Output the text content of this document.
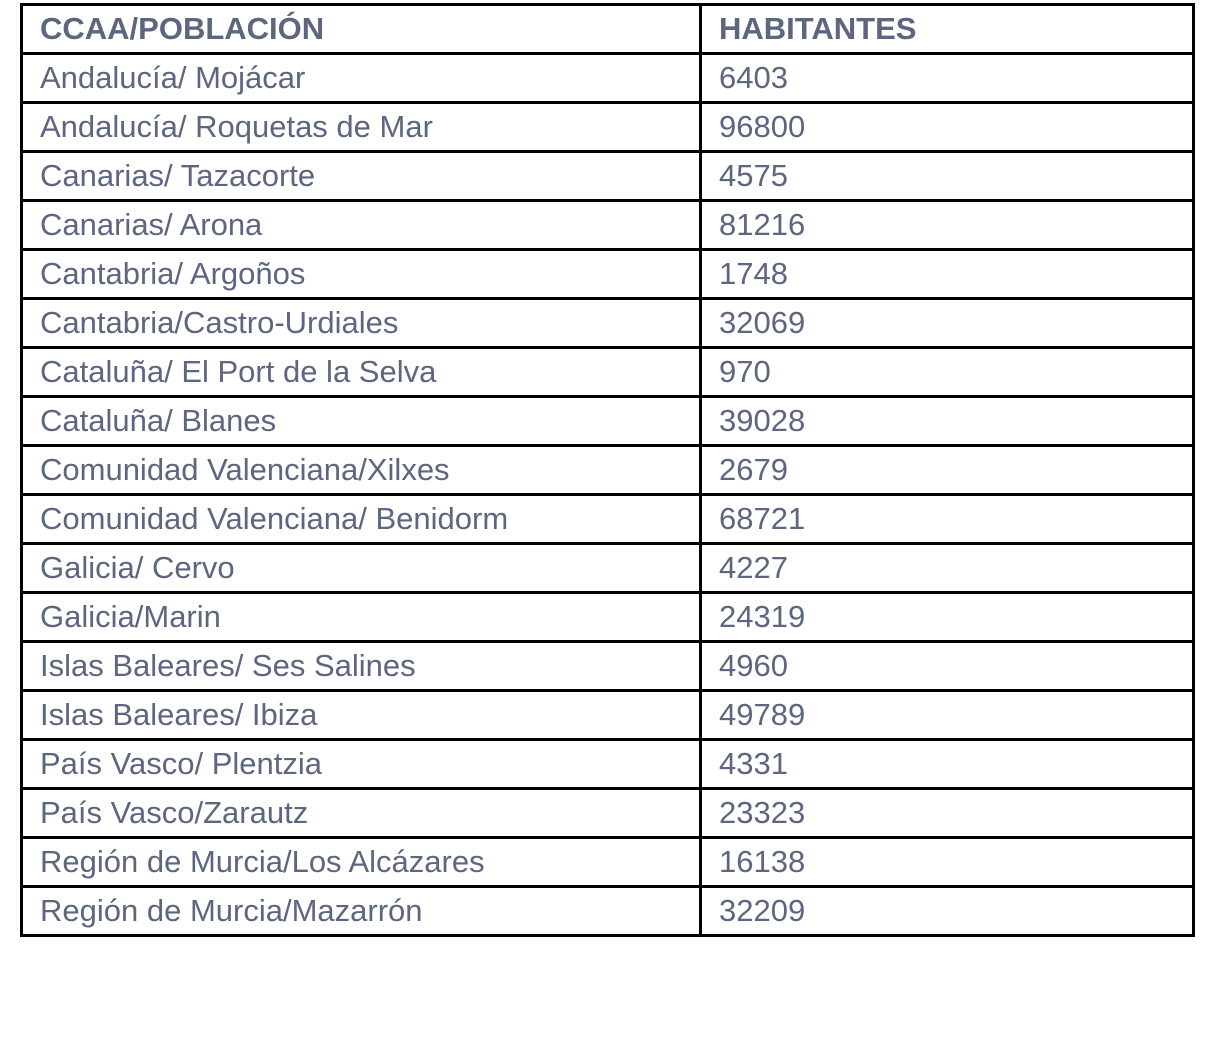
CCAA/POBLACIÓN	HABITANTES
Andalucía/ Mojácar	6403
Andalucía/ Roquetas de Mar	96800
Canarias/ Tazacorte	4575
Canarias/ Arona	81216
Cantabria/ Argoños	1748
Cantabria/Castro-Urdiales	32069
Cataluña/ El Port de la Selva	970
Cataluña/ Blanes	39028
Comunidad Valenciana/Xilxes	2679
Comunidad Valenciana/ Benidorm	68721
Galicia/ Cervo	4227
Galicia/Marin	24319
Islas Baleares/ Ses Salines	4960
Islas Baleares/ Ibiza	49789
País Vasco/ Plentzia	4331
País Vasco/Zarautz	23323
Región de Murcia/Los Alcázares	16138
Región de Murcia/Mazarrón	32209
